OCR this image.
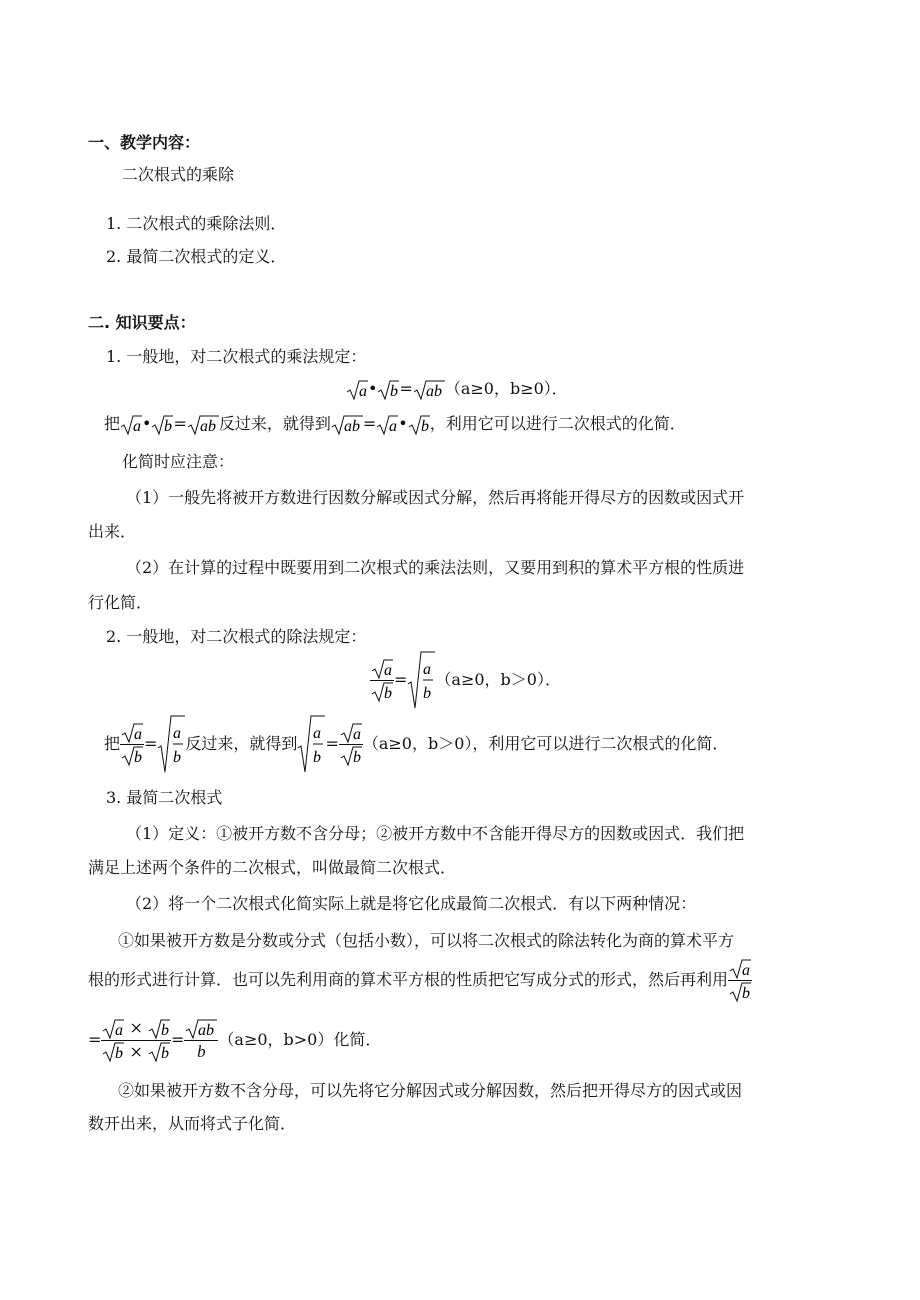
一、教学内容：
二次根式的乘除
1. 二次根式的乘除法则．
2. 最简二次根式的定义．
二. 知识要点：
1. 一般地，对二次根式的乘法规定：
a • b = ab （a≥0，b≥0）．
把 a • b = ab 反过来，就得到 ab = a • b ，利用它可以进行二次根式的化简．
化简时应注意：
（1）一般先将被开方数进行因数分解或因式分解，然后再将能开得尽方的因数或因式开
出来．
（2）在计算的过程中既要用到二次根式的乘法法则，又要用到积的算术平方根的性质进
行化简．
2. 一般地，对二次根式的除法规定：
$\frac{a}{b}$ =
a
b
（a≥0，b＞0）．
把 $\frac{a}{b}$ =
a
b
反过来，就得到
a
b
= $\frac{a}{b} (a\ge 0$，b＞0），利用它可以进行二次根式的化简．
3. 最简二次根式
（1）定义：①被开方数不含分母；②被开方数中不含能开得尽方的因数或因式．我们把
满足上述两个条件的二次根式，叫做最简二次根式．
（2）将一个二次根式化简实际上就是将它化成最简二次根式．有以下两种情况：
①如果被开方数是分数或分式（包括小数），可以将二次根式的除法转化为商的算术平方
根的形式进行计算．也可以先利用商的算术平方根的性质把它写成分式的形式，然后再利用 $\frac{a}{b}$
= $\frac{a \times b}{b \times b} = \frac{ab}{b} (a\ge 0$，b>0）化简．
②如果被开方数不含分母，可以先将它分解因式或分解因数，然后把开得尽方的因式或因
数开出来，从而将式子化简．
